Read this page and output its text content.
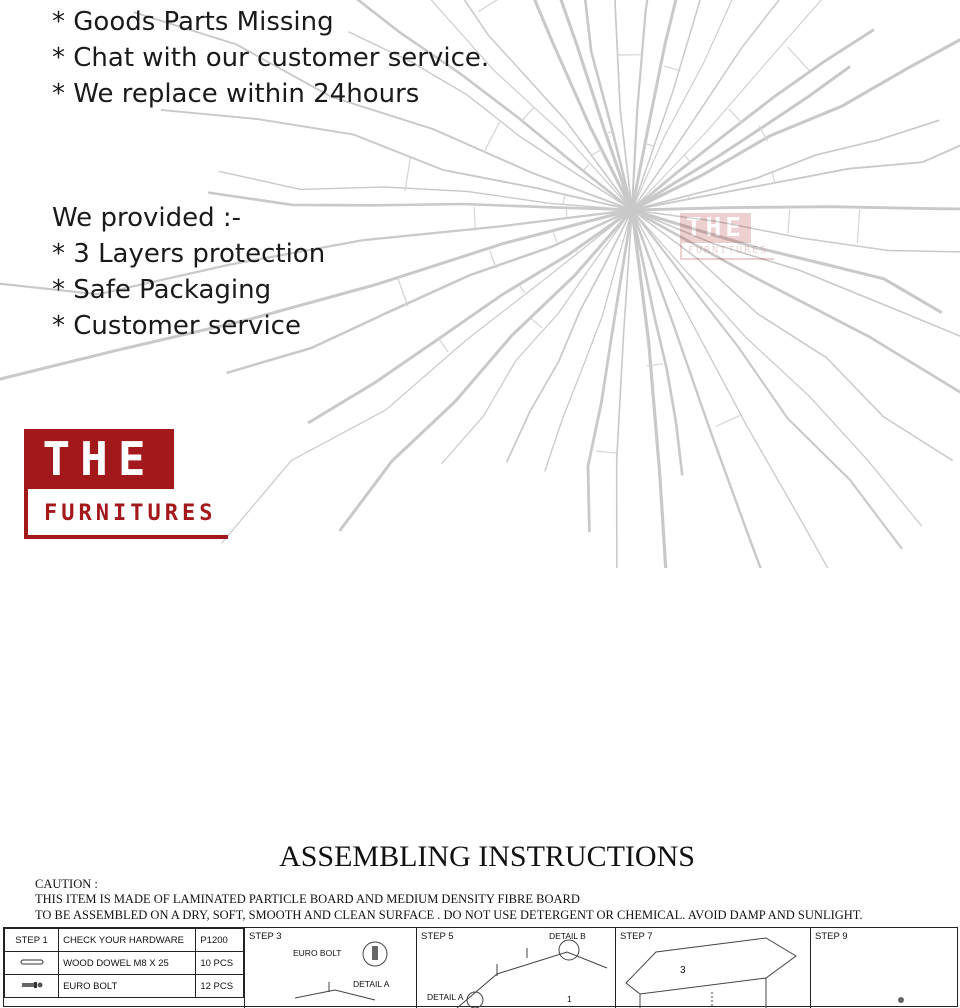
* Goods Parts Missing
* Chat with our customer service.
* We replace within 24hours
We provided :-
* 3 Layers protection
* Safe Packaging
* Customer service
THE
FURNITURES
THE
FURNITURES
ASSEMBLING INSTRUCTIONS

CAUTION :

THIS ITEM IS MADE OF LAMINATED PARTICLE BOARD AND MEDIUM DENSITY FIBRE BOARD

TO BE ASSEMBLED ON A DRY, SOFT, SMOOTH AND CLEAN SURFACE . DO NOT USE DETERGENT OR CHEMICAL. AVOID DAMP AND SUNLIGHT.

STEP 1	CHECK YOUR HARDWARE	P1200
	WOOD DOWEL M8 X 25	10 PCS
	EURO BOLT	12 PCS
STEP 3
EURO BOLT
DETAIL A
STEP 5	DETAIL B
DETAIL A	1
STEP 7
3
STEP 9
